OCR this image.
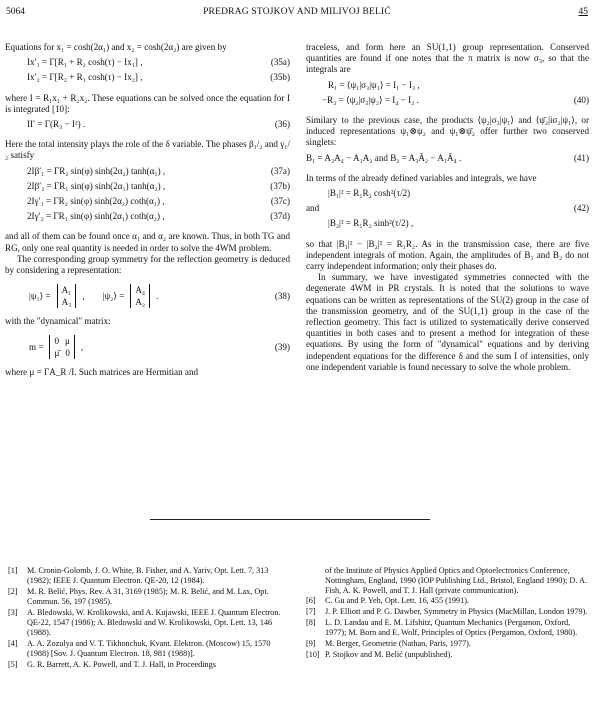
5064	PREDRAG STOJKOV AND MILIVOJ BELIĆ	45

Equations for x₁ = cosh(2α₁) and x₂ = cosh(2α₂) are given by

Ix′₁ = Γ[R₁ + R₂ cosh(τ) − Ix₁] ,	(35a)
Ix′₂ = Γ[R₂ + R₁ cosh(τ) − Ix₂] ,	(35b)

where I = R₁x₁ + R₂x₂. These equations can be solved once the equation for I is integrated [10]:

II′ = Γ(R₃ − I²) .	(36)

Here the total intensity plays the role of the δ variable. The phases β₁/₂ and γ₁/₂ satisfy

2Iβ′₁ = ΓR₂ sin(φ) sinh(2α₂) tanh(α₁) ,	(37a)
2Iβ′₂ = ΓR₁ sin(φ) sinh(2α₁) tanh(α₂) ,	(37b)
2Iγ′₁ = ΓR₂ sin(φ) sinh(2α₂) coth(α₁) ,	(37c)
2Iγ′₂ = ΓR₁ sin(φ) sinh(2α₁) coth(α₂) ,	(37d)

and all of them can be found once α₁ and α₂ are known. Thus, in both TG and RG, only one real quantity is needed in order to solve the 4WM problem.

The corresponding group symmetry for the reflection geometry is deduced by considering a representation:

|ψ₁⟩ =
A₁
A₃
, |ψ₂⟩ =
A₄
A₂
.	(38)

with the "dynamical" matrix:

m =
0 μ
μ̄ 0
,	(39)

where μ = ΓA_R /I. Such matrices are Hermitian and

traceless, and form here an SU(1,1) group representation. Conserved quantities are found if one notes that the π matrix is now σ₃, so that the integrals are

R₁ = ⟨ψ₁|σ₃|ψ₁⟩ = I₁ − I₃ ,
−R₂ = ⟨ψ₂|σ₃|ψ₂⟩ = I₄ − I₂ .	(40)

Similary to the previous case, the products ⟨ψ₂|σ₃|ψ₁⟩ and ⟨ψ̄₂|iσ₂|ψ₁⟩, or induced representations ψ₁⊗ψ₂ and ψ₁⊗ψ̄₂ offer further two conserved singlets:

B₁ = A₃A₄ − A₁A₂ and B₂ = A₃Ā₂ − A₁Ā₄ .	(41)

In terms of the already defined variables and integrals, we have

|B₁|² = R₁R₂ cosh²(τ/2)
and	(42)
|B₂|² = R₁R₂ sinh²(τ/2) ,

so that |B₁|² − |B₂|² = R₁R₂. As in the transmission case, there are five independent integrals of motion. Again, the amplitudes of B₁ and B₂ do not carry independent information; only their phases do.

In summary, we have investigated symmetries connected with the degenerate 4WM in PR crystals. It is noted that the solutions to wave equations can be written as representations of the SU(2) group in the case of the transmission geometry, and of the SU(1,1) group in the case of the reflection geometry. This fact is utilized to systematically derive conserved quantities in both cases and to present a method for integration of these equations. By using the form of "dynamical" equations and by deriving independent equations for the difference δ and the sum I of intensities, only one independent variable is found necessary to solve the whole problem.

[1]	M. Cronin-Golomb, J. O. White, B. Fisher, and A. Yariv, Opt. Lett. 7, 313 (1982); IEEE J. Quantum Electron. QE-20, 12 (1984).
[2]	M. R. Belić, Phys. Rev. A 31, 3169 (1985); M. R. Belić, and M. Lax, Opt. Commun. 56, 197 (1985).
[3]	A. Bledowski, W. Krolikowski, and A. Kujawski, IEEE J. Quantum Electron. QE-22, 1547 (1986); A. Bledowski and W. Krolikowski, Opt. Lett. 13, 146 (1988).
[4]	A. A. Zozulya and V. T. Tikhonchuk, Kvant. Elektron. (Moscow) 15, 1570 (1988) [Sov. J. Quantum Electron. 18, 981 (1988)].
[5]	G. R. Barrett, A. K. Powell, and T. J. Hall, in Proceedings
of the Institute of Physics Applied Optics and Optoelectronics Conference, Nottingham, England, 1990 (IOP Publishing Ltd., Bristol, England 1990); D. A. Fish, A. K. Powell, and T. J. Hall (private communication).
[6]	C. Gu and P. Yeh, Opt. Lett. 16, 455 (1991).
[7]	J. P. Elliott and P. G. Dawber, Symmetry in Physics (MacMillan, London 1979).
[8]	L. D. Landau and E. M. Lifshitz, Quantum Mechanics (Pergamon, Oxford, 1977); M. Born and E. Wolf, Principles of Optics (Pergamon, Oxford, 1980).
[9]	M. Berger, Geometrie (Nathan, Paris, 1977).
[10] P. Stojkov and M. Belić (unpublished).
